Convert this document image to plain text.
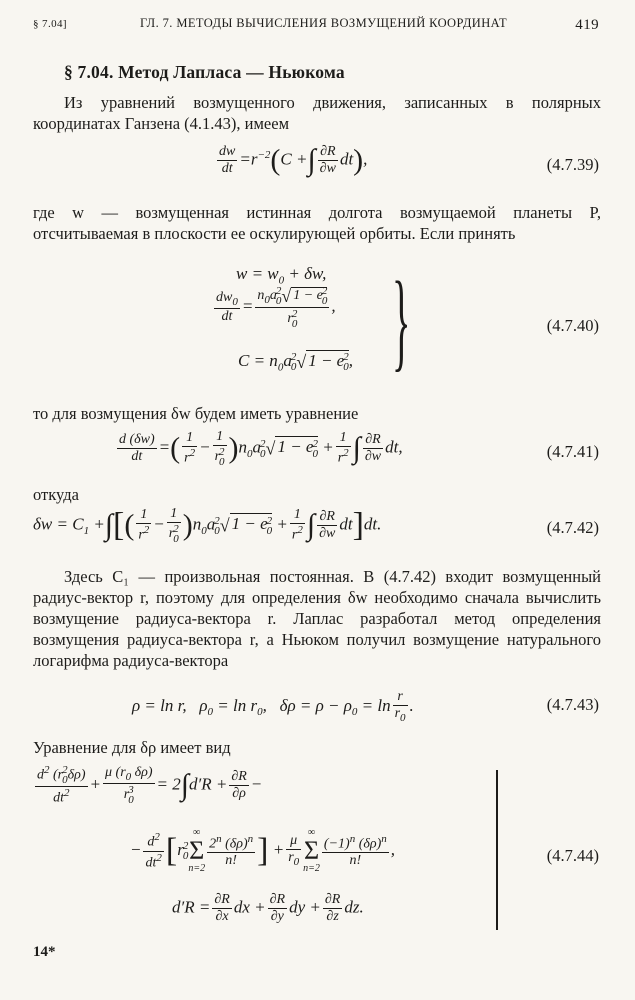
§ 7.04]	ГЛ. 7. МЕТОДЫ ВЫЧИСЛЕНИЯ ВОЗМУЩЕНИЙ КООРДИНАТ	419
§ 7.04. Метод Лапласа — Ньюкома

Из уравнений возмущенного движения, записанных в полярных координатах Ганзена (4.1.43), имеем

$\frac{dw}{dt} =r^{-2}(C$ +∫ $\frac{\partial R}{\partial w} dt$),	(4.7.39)

где w — возмущенная истинная долгота возмущаемой планеты P, отсчитываемая в плоскости ее оскулирующей орбиты. Если принять

$w = w_0 + \delta w$,
$\frac{dw_0}{dt} = n_0a$ 2
0 √ 1 − e 2
0
r 2
0 ,
$C = n_0a$ 2
0 √ 1 − e 2
0 , }	(4.7.40)

то для возмущения δw будем иметь уравнение

$\frac{d (\delta w)}{dt}$ =( $\frac{1}{r^2} - 1$
r 2
0 )$n_0a$ 2
0 √ 1 − e 2
$0 + \frac{1}{r^2}$ ∫ $\frac{\partial R}{\partial w}$ dt,	(4.7.41)

откуда

$\delta w = C_1$ +∫[( $\frac{1}{r^2} - 1$
r 2
0 )$n_0a$ 2
0 √ 1 − e 2
$0 + \frac{1}{r^2}$ ∫ $\frac{\partial R}{\partial w} dt]dt$.	(4.7.42)

Здесь C₁ — произвольная постоянная. В (4.7.42) входит возмущенный радиус-вектор r, поэтому для определения δw необходимо сначала вычислить возмущение радиуса-вектора r. Лаплас разработал метод определения возмущения радиуса-вектора r, а Ньюком получил возмущение натурального логарифма радиуса-вектора

ρ = ln r,   $\rho_0 = \ln r_0$,   $\delta\rho = \rho - \rho_0 = \ln \frac{r}{r_0}$ .	(4.7.43)

Уравнение для δρ имеет вид

$d^2$ (r 2
0 δρ)
$dt^2 + \mu$ ($r_0$ δρ)
r 3
$0 = 2\int d'R + \frac{\partial R}{\partial\rho}$ −
− $\frac{d^2}{dt^2} [r$ 2
0
∞
Σ
n=2
$\frac{2^n (\delta\rho)^n}{n!}$ ] + $\frac{\mu}{r_0}$
∞
Σ
n=2
$\frac{(-1)^n (\delta\rho)^n}{n!}$ ,
$d'R = \frac{\partial R}{\partial x}$ dx + $\frac{\partial R}{\partial y}$ dy + $\frac{\partial R}{\partial z}$ dz.
(4.7.44)
14*
